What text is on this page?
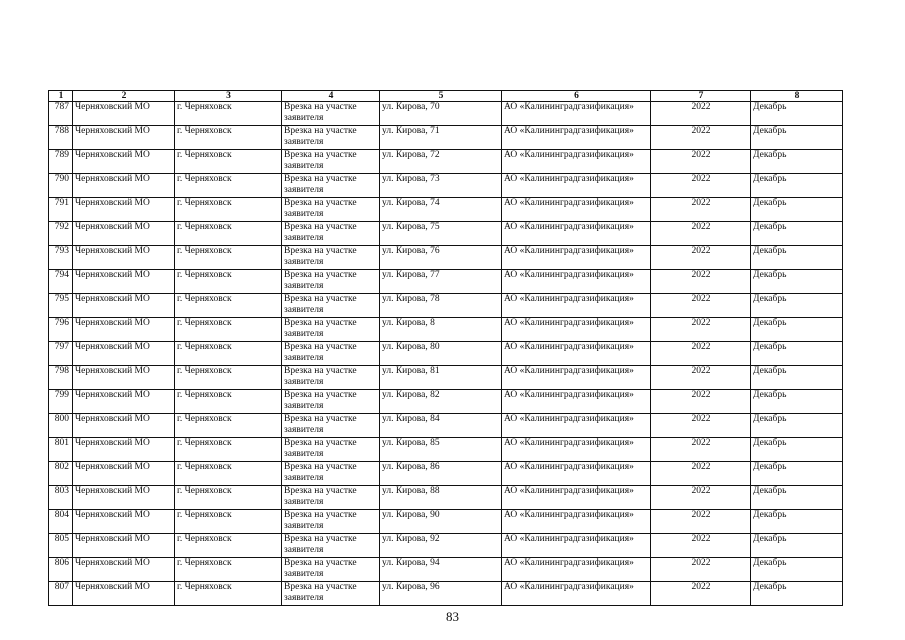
1	2	3	4	5	6	7	8
787	Черняховский МО	г. Черняховск	Врезка на участке
заявителя	ул. Кирова, 70	АО «Калининградгазификация»	2022	Декабрь
788	Черняховский МО	г. Черняховск	Врезка на участке
заявителя	ул. Кирова, 71	АО «Калининградгазификация»	2022	Декабрь
789	Черняховский МО	г. Черняховск	Врезка на участке
заявителя	ул. Кирова, 72	АО «Калининградгазификация»	2022	Декабрь
790	Черняховский МО	г. Черняховск	Врезка на участке
заявителя	ул. Кирова, 73	АО «Калининградгазификация»	2022	Декабрь
791	Черняховский МО	г. Черняховск	Врезка на участке
заявителя	ул. Кирова, 74	АО «Калининградгазификация»	2022	Декабрь
792	Черняховский МО	г. Черняховск	Врезка на участке
заявителя	ул. Кирова, 75	АО «Калининградгазификация»	2022	Декабрь
793	Черняховский МО	г. Черняховск	Врезка на участке
заявителя	ул. Кирова, 76	АО «Калининградгазификация»	2022	Декабрь
794	Черняховский МО	г. Черняховск	Врезка на участке
заявителя	ул. Кирова, 77	АО «Калининградгазификация»	2022	Декабрь
795	Черняховский МО	г. Черняховск	Врезка на участке
заявителя	ул. Кирова, 78	АО «Калининградгазификация»	2022	Декабрь
796	Черняховский МО	г. Черняховск	Врезка на участке
заявителя	ул. Кирова, 8	АО «Калининградгазификация»	2022	Декабрь
797	Черняховский МО	г. Черняховск	Врезка на участке
заявителя	ул. Кирова, 80	АО «Калининградгазификация»	2022	Декабрь
798	Черняховский МО	г. Черняховск	Врезка на участке
заявителя	ул. Кирова, 81	АО «Калининградгазификация»	2022	Декабрь
799	Черняховский МО	г. Черняховск	Врезка на участке
заявителя	ул. Кирова, 82	АО «Калининградгазификация»	2022	Декабрь
800	Черняховский МО	г. Черняховск	Врезка на участке
заявителя	ул. Кирова, 84	АО «Калининградгазификация»	2022	Декабрь
801	Черняховский МО	г. Черняховск	Врезка на участке
заявителя	ул. Кирова, 85	АО «Калининградгазификация»	2022	Декабрь
802	Черняховский МО	г. Черняховск	Врезка на участке
заявителя	ул. Кирова, 86	АО «Калининградгазификация»	2022	Декабрь
803	Черняховский МО	г. Черняховск	Врезка на участке
заявителя	ул. Кирова, 88	АО «Калининградгазификация»	2022	Декабрь
804	Черняховский МО	г. Черняховск	Врезка на участке
заявителя	ул. Кирова, 90	АО «Калининградгазификация»	2022	Декабрь
805	Черняховский МО	г. Черняховск	Врезка на участке
заявителя	ул. Кирова, 92	АО «Калининградгазификация»	2022	Декабрь
806	Черняховский МО	г. Черняховск	Врезка на участке
заявителя	ул. Кирова, 94	АО «Калининградгазификация»	2022	Декабрь
807	Черняховский МО	г. Черняховск	Врезка на участке
заявителя	ул. Кирова, 96	АО «Калининградгазификация»	2022	Декабрь
83
